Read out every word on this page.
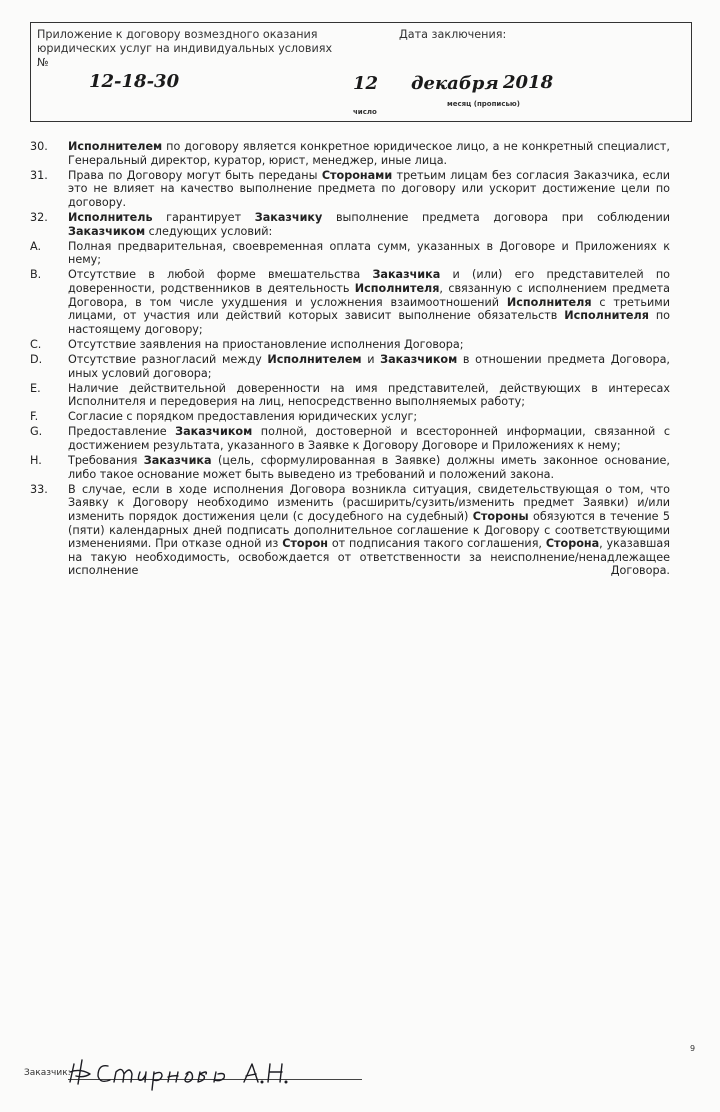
Приложение к договору возмездного оказания юридических услуг на индивидуальных условиях
№
Дата заключения:
12-18-30	12 декабря 2018
число
месяц (прописью)
30. Исполнителем по договору является конкретное юридическое лицо, а не конкретный специалист, Генеральный директор, куратор, юрист, менеджер, иные лица.
31. Права по Договору могут быть переданы Сторонами третьим лицам без согласия Заказчика, если это не влияет на качество выполнение предмета по договору или ускорит достижение цели по договору.
32. Исполнитель гарантирует Заказчику выполнение предмета договора при соблюдении Заказчиком следующих условий:
A. Полная предварительная, своевременная оплата сумм, указанных в Договоре и Приложениях к нему;
B. Отсутствие в любой форме вмешательства Заказчика и (или) его представителей по доверенности, родственников в деятельность Исполнителя, связанную с исполнением предмета Договора, в том числе ухудшения и усложнения взаимоотношений Исполнителя с третьими лицами, от участия или действий которых зависит выполнение обязательств Исполнителя по настоящему договору;
C. Отсутствие заявления на приостановление исполнения Договора;
D. Отсутствие разногласий между Исполнителем и Заказчиком в отношении предмета Договора, иных условий договора;
E. Наличие действительной доверенности на имя представителей, действующих в интересах Исполнителя и передоверия на лиц, непосредственно выполняемых работу;
F.	Согласие с порядком предоставления юридических услуг;
G. Предоставление Заказчиком полной, достоверной и всесторонней информации, связанной с достижением результата, указанного в Заявке к Договору Договоре и Приложениях к нему;
H. Требования Заказчика (цель, сформулированная в Заявке) должны иметь законное основание, либо такое основание может быть выведено из требований и положений закона.
33. В случае, если в ходе исполнения Договора возникла ситуация, свидетельствующая о том, что Заявку к Договору необходимо изменить (расширить/сузить/изменить предмет Заявки) и/или изменить порядок достижения цели (с досудебного на судебный) Стороны обязуются в течение 5 (пяти) календарных дней подписать дополнительное соглашение к Договору с соответствующими изменениями. При отказе одной из Сторон от подписания такого соглашения, Сторона, указавшая на такую необходимость, освобождается от ответственности за неисполнение/ненадлежащее исполнение Договора.
9
Заказчик:
